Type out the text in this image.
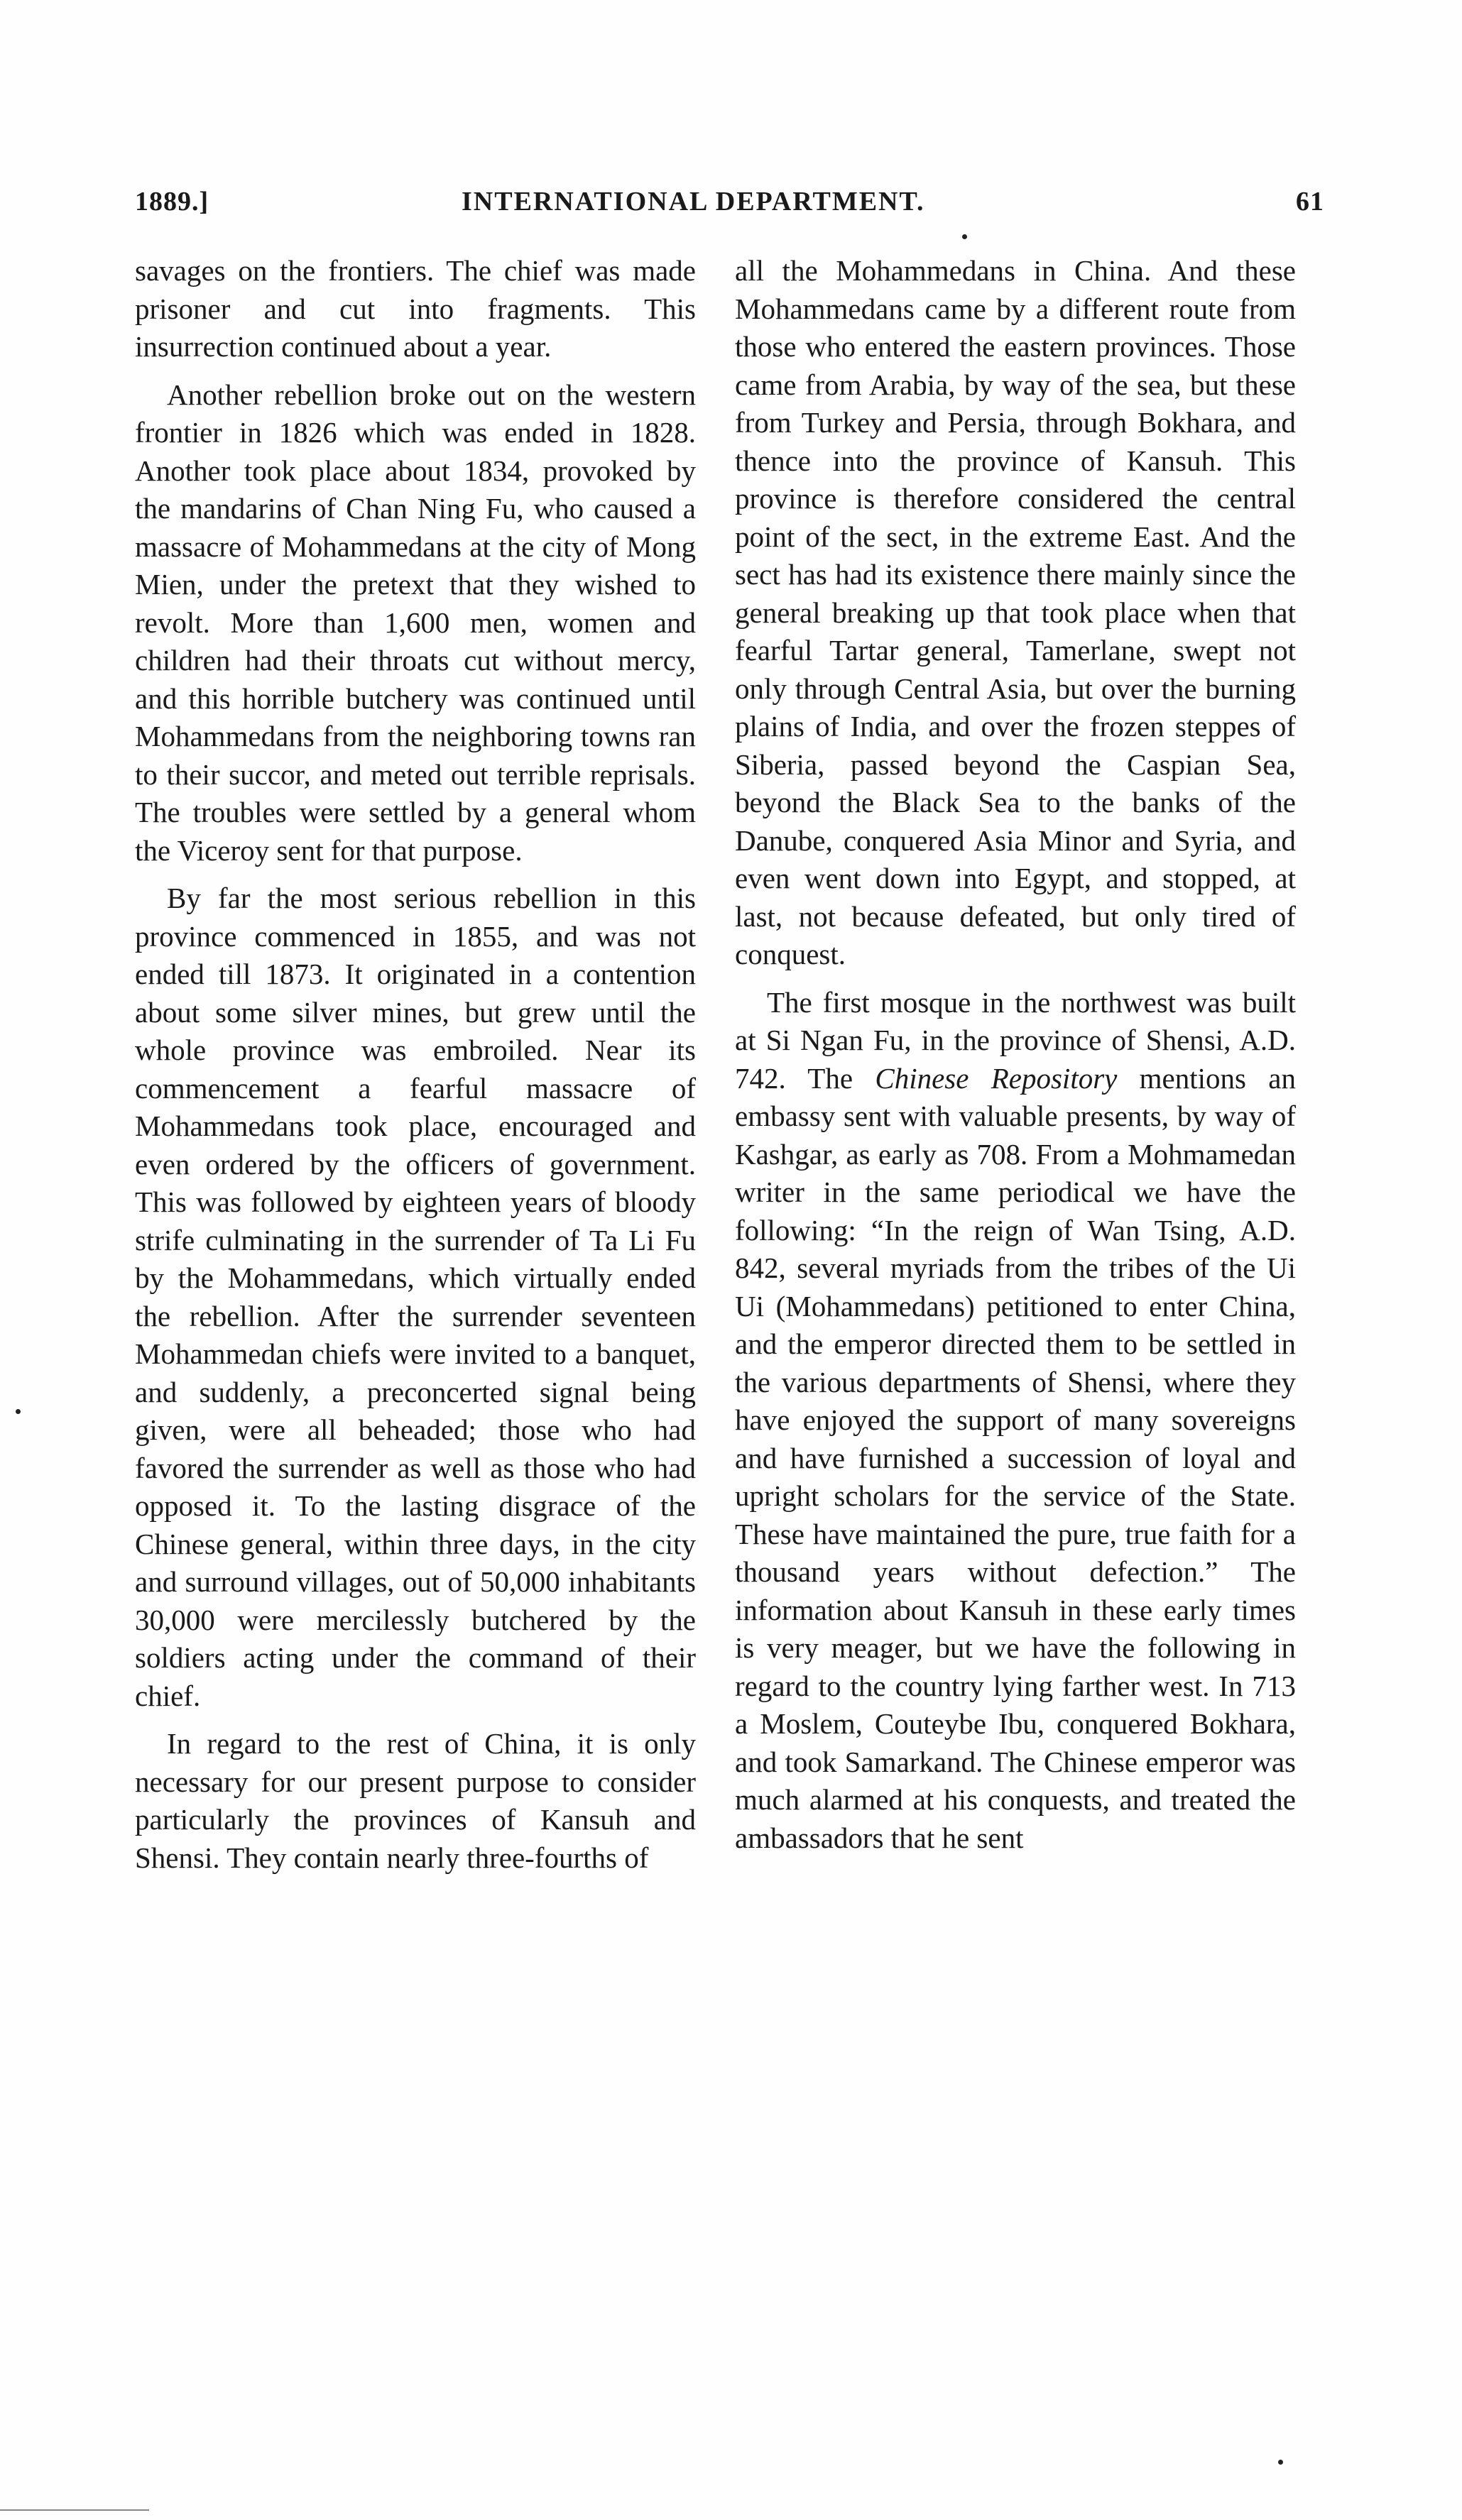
1889.]	INTERNATIONAL DEPARTMENT.	61

savages on the frontiers. The chief was made prisoner and cut into fragments. This insurrection continued about a year.

Another rebellion broke out on the western frontier in 1826 which was ended in 1828. Another took place about 1834, provoked by the mandarins of Chan Ning Fu, who caused a massacre of Mohammedans at the city of Mong Mien, under the pretext that they wished to revolt. More than 1,600 men, women and children had their throats cut without mercy, and this horrible butchery was continued until Mohammedans from the neighboring towns ran to their succor, and meted out terrible reprisals. The troubles were settled by a general whom the Viceroy sent for that purpose.

By far the most serious rebellion in this province commenced in 1855, and was not ended till 1873. It originated in a contention about some silver mines, but grew until the whole province was embroiled. Near its commencement a fearful massacre of Mohammedans took place, encouraged and even ordered by the officers of government. This was followed by eighteen years of bloody strife culminating in the surrender of Ta Li Fu by the Mohammedans, which virtually ended the rebellion. After the surrender seventeen Mohammedan chiefs were invited to a banquet, and suddenly, a preconcerted signal being given, were all beheaded; those who had favored the surrender as well as those who had opposed it. To the lasting disgrace of the Chinese general, within three days, in the city and surround villages, out of 50,000 inhabitants 30,000 were mercilessly butchered by the soldiers acting under the command of their chief.

In regard to the rest of China, it is only necessary for our present purpose to consider particularly the provinces of Kansuh and Shensi. They contain nearly three-fourths of

all the Mohammedans in China. And these Mohammedans came by a different route from those who entered the eastern provinces. Those came from Arabia, by way of the sea, but these from Turkey and Persia, through Bokhara, and thence into the province of Kansuh. This province is therefore considered the central point of the sect, in the extreme East. And the sect has had its existence there mainly since the general breaking up that took place when that fearful Tartar general, Tamerlane, swept not only through Central Asia, but over the burning plains of India, and over the frozen steppes of Siberia, passed beyond the Caspian Sea, beyond the Black Sea to the banks of the Danube, conquered Asia Minor and Syria, and even went down into Egypt, and stopped, at last, not because defeated, but only tired of conquest.

The first mosque in the northwest was built at Si Ngan Fu, in the province of Shensi, A.D. 742. The Chinese Repository mentions an embassy sent with valuable presents, by way of Kashgar, as early as 708. From a Mohmamedan writer in the same periodical we have the following: “In the reign of Wan Tsing, A.D. 842, several myriads from the tribes of the Ui Ui (Mohammedans) petitioned to enter China, and the emperor directed them to be settled in the various departments of Shensi, where they have enjoyed the support of many sovereigns and have furnished a succession of loyal and upright scholars for the service of the State. These have maintained the pure, true faith for a thousand years without defection.” The information about Kansuh in these early times is very meager, but we have the following in regard to the country lying farther west. In 713 a Moslem, Couteybe Ibu, conquered Bokhara, and took Samarkand. The Chinese emperor was much alarmed at his conquests, and treated the ambassadors that he sent
